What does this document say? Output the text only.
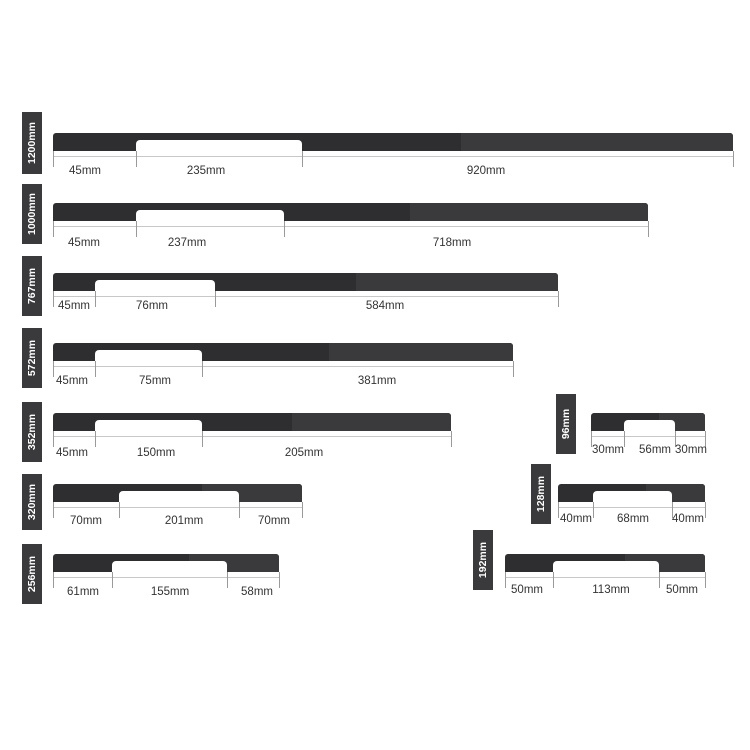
1200mm
45mm	235mm	920mm
1000mm
45mm	237mm	718mm
767mm
45mm	76mm	584mm
572mm
45mm	75mm	381mm
352mm
45mm	150mm	205mm
320mm
70mm	201mm	70mm
256mm	61mm	155mm	58mm
96mm
30mm 56mm 30mm
128mm
40mm 68mm 40mm
192mm
50mm	113mm	50mm
